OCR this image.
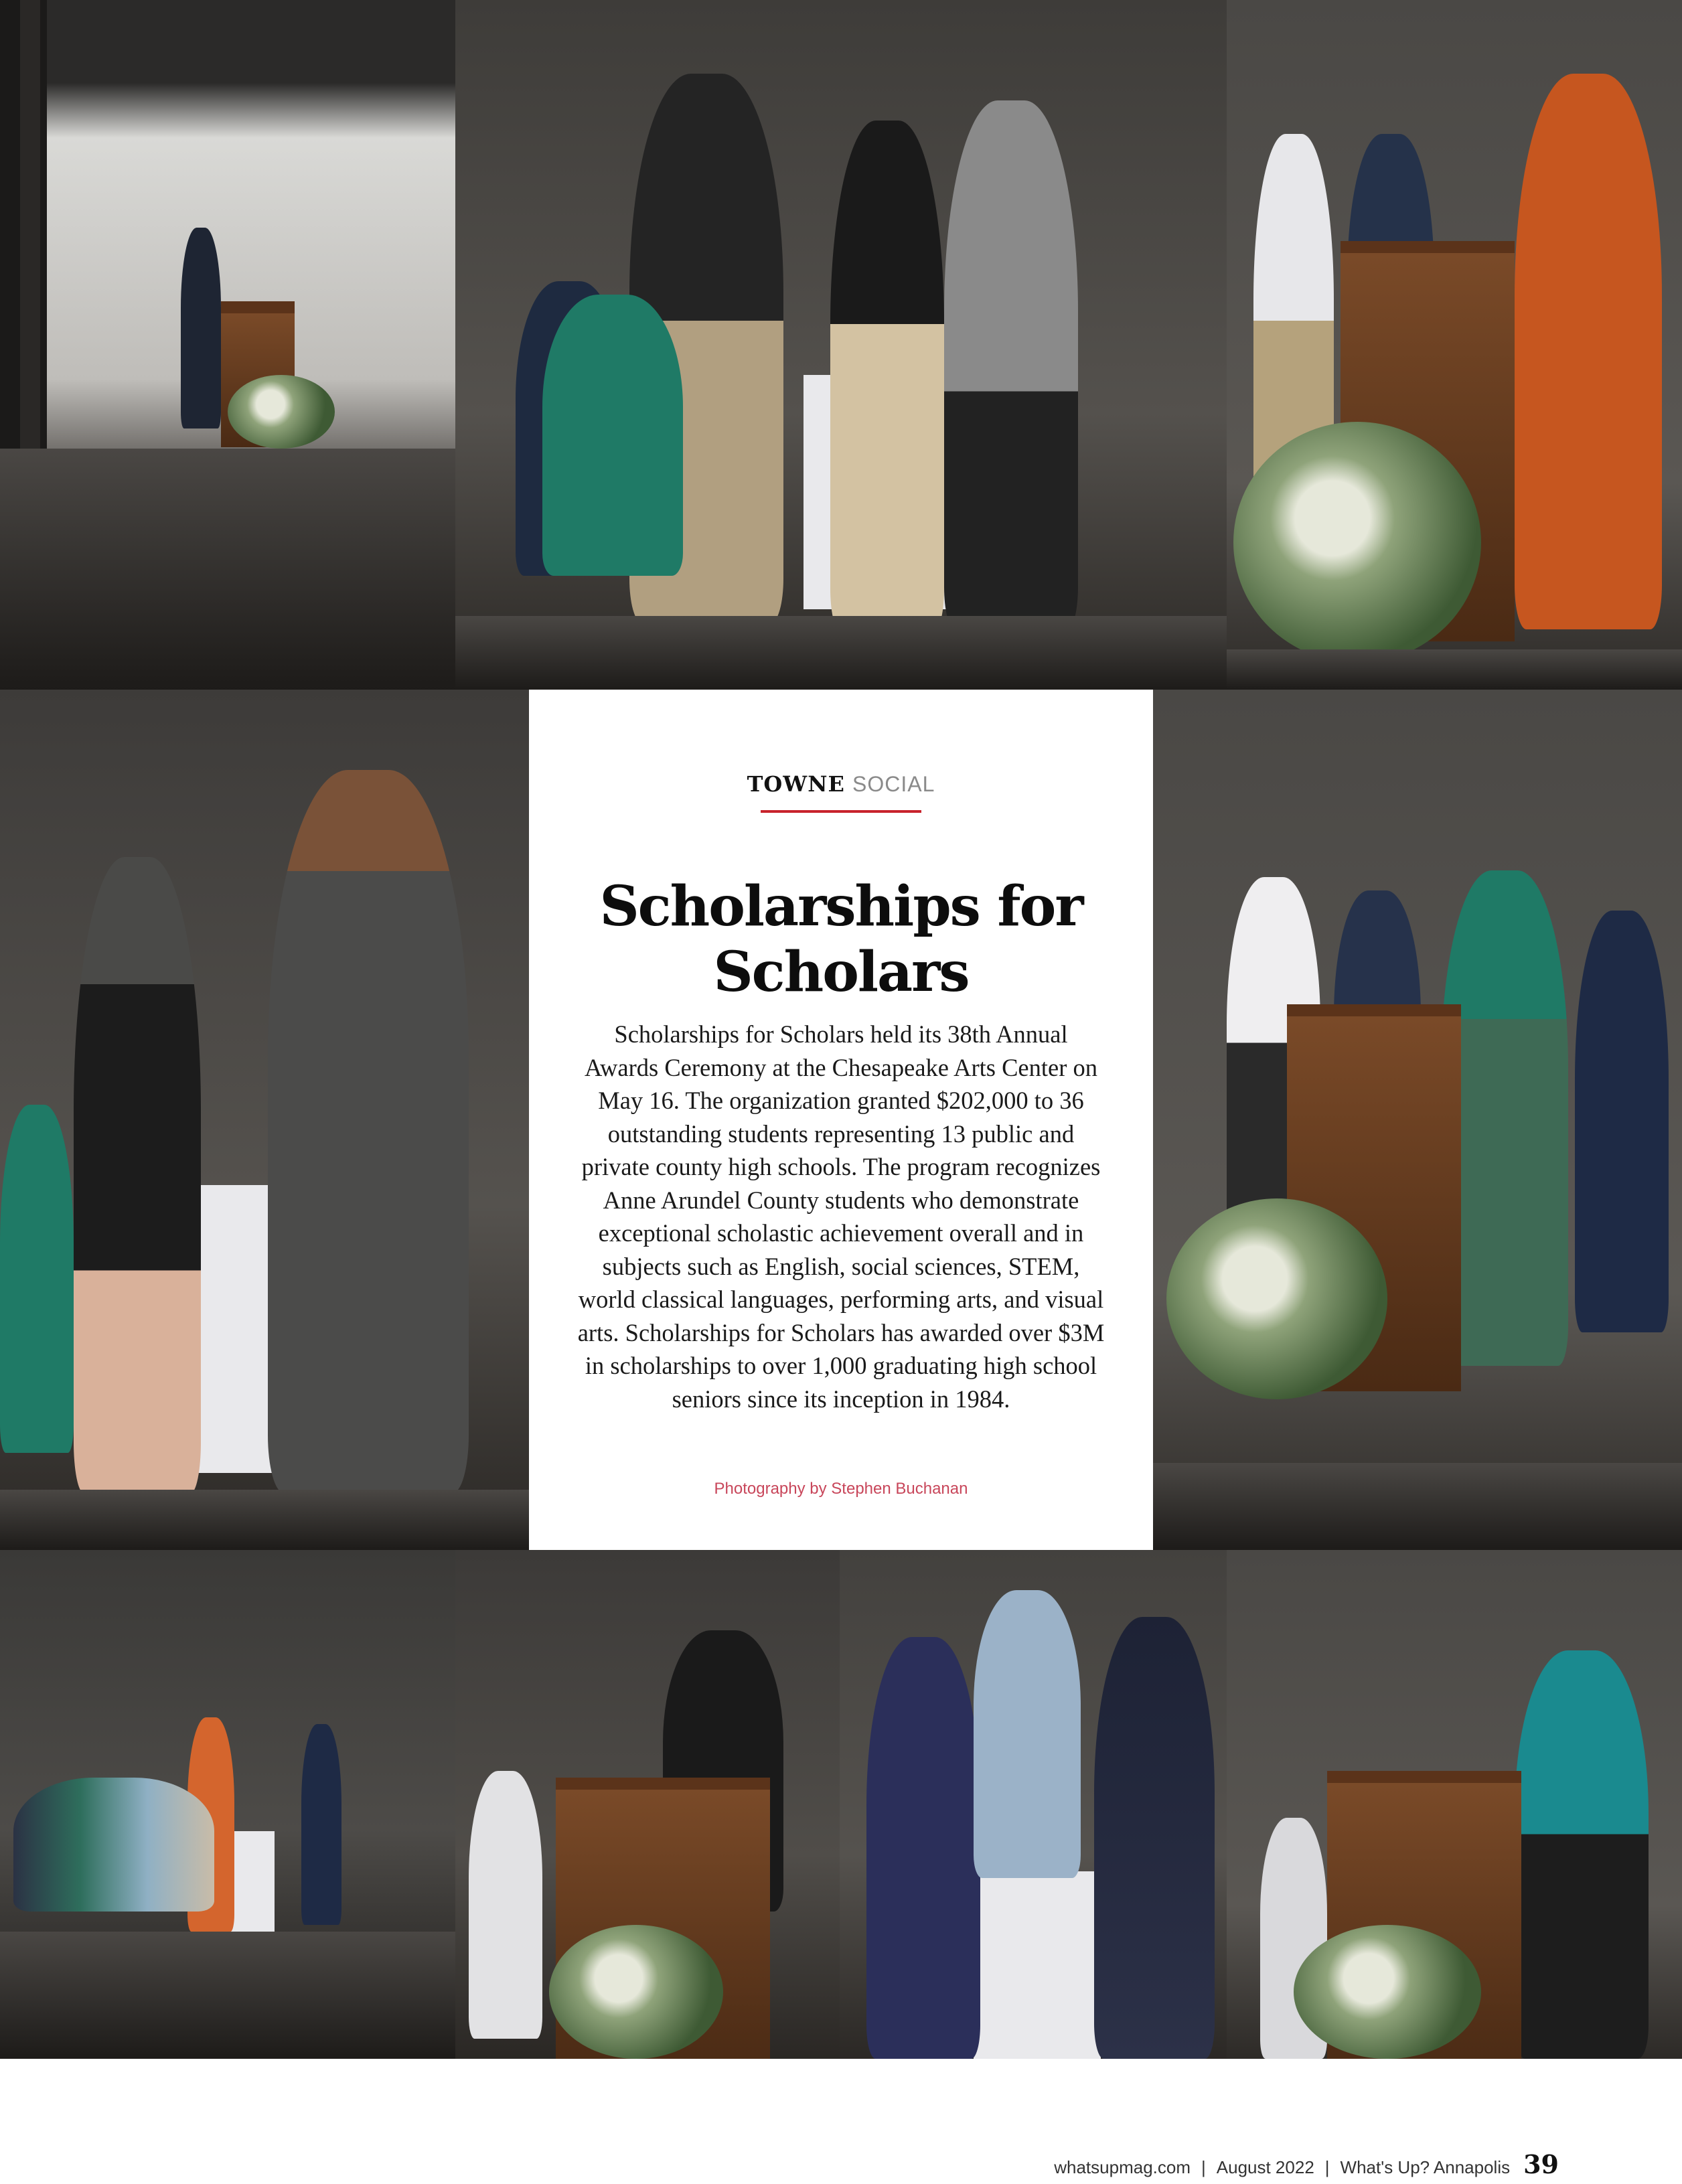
TOWNE SOCIAL
Scholarships for Scholars
Scholarships for Scholars held its 38th Annual Awards Ceremony at the Chesapeake Arts Center on May 16. The organization granted $202,000 to 36 outstanding students representing 13 public and private county high schools. The program recognizes Anne Arundel County students who demonstrate exceptional scholastic achievement overall and in subjects such as English, social sciences, STEM, world classical languages, performing arts, and visual arts. Scholarships for Scholars has awarded over $3M in scholarships to over 1,000 graduating high school seniors since its inception in 1984.
Photography by Stephen Buchanan
whatsupmag.com | August 2022 | What's Up? Annapolis 39
